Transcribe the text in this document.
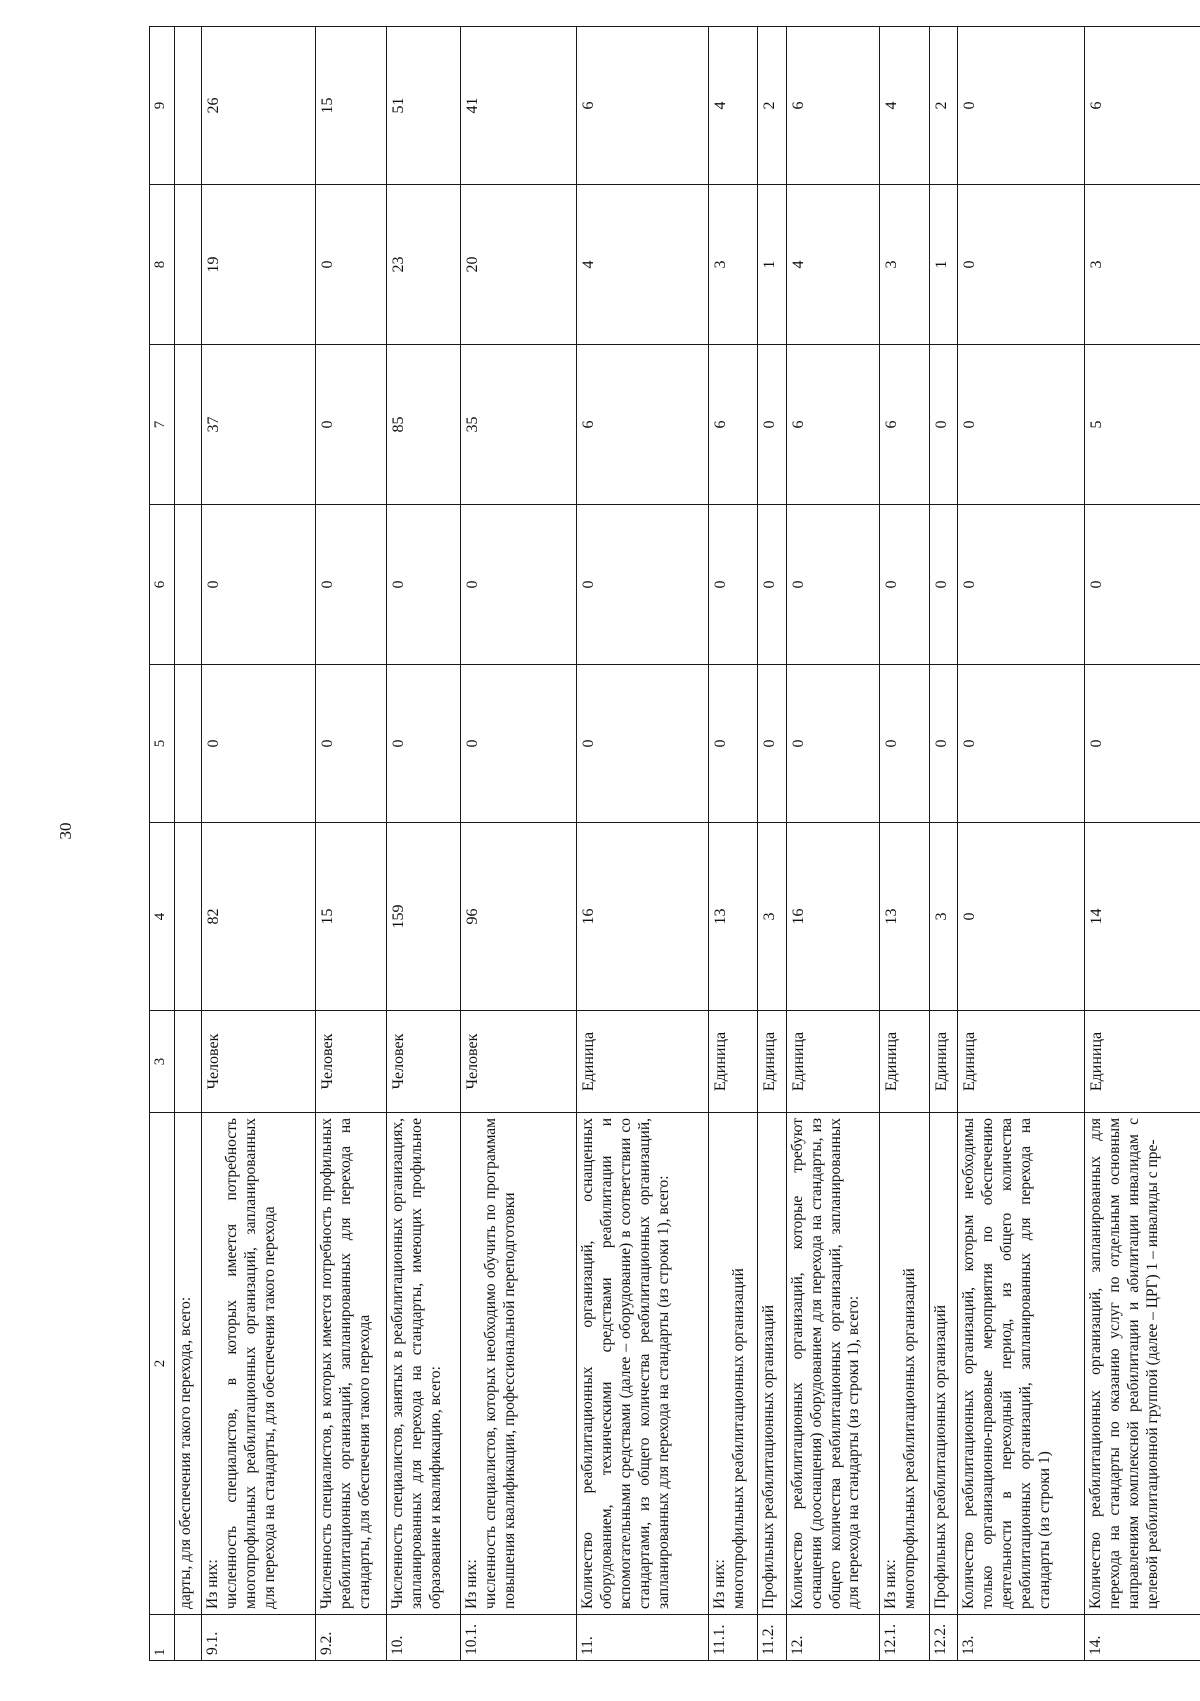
30
1	2	3	4	5	6	7	8	9
	дарты, для обеспечения такого перехода, всего:							
9.1.	Из них: численность специалистов, в которых имеется потребность многопрофильных реабилитационных организаций, запланированных для перехода на стандарты, для обеспечения такого перехода	Человек	82	0	0	37	19	26
9.2.	Численность специалистов, в которых имеется потребность профильных реабилитационных организаций, запланированных для перехода на стандарты, для обеспечения такого перехода	Человек	15	0	0	0	0	15
10.	Численность специалистов, занятых в реабилитационных организациях, запланированных для перехода на стандарты, имеющих профильное образование и квалификацию, всего:	Человек	159	0	0	85	23	51
10.1.	Из них: численность специалистов, которых необходимо обучить по программам повышения квалификации, профессиональной переподготовки	Человек	96	0	0	35	20	41
11.	Количество реабилитационных организаций, оснащенных оборудованием, техническими средствами реабилитации и вспомогательными средствами (далее – оборудование) в соответствии со стандартами, из общего количества реабилитационных организаций, запланированных для перехода на стандарты (из строки 1), всего:	Единица	16	0	0	6	4	6
11.1.	Из них: многопрофильных реабилитационных организаций	Единица	13	0	0	6	3	4
11.2.	Профильных реабилитационных организаций	Единица	3	0	0	0	1	2
12.	Количество реабилитационных организаций, которые требуют оснащения (дооснащения) оборудованием для перехода на стандарты, из общего количества реабилитационных организаций, запланированных для перехода на стандарты (из строки 1), всего:	Единица	16	0	0	6	4	6
12.1.	Из них: многопрофильных реабилитационных организаций	Единица	13	0	0	6	3	4
12.2.	Профильных реабилитационных организаций	Единица	3	0	0	0	1	2
13.	Количество реабилитационных организаций, которым необходимы только организационно-правовые мероприятия по обеспечению деятельности в переходный период, из общего количества реабилитационных организаций, запланированных для перехода на стандарты (из строки 1)	Единица	0	0	0	0	0	0
14.	Количество реабилитационных организаций, запланированных для перехода на стандарты по оказанию услуг по отдельным основным направлениям комплексной реабилитации и абилитации инвалидам с целевой реабилитационной группой (далее – ЦРГ) 1 – инвалиды с пре-	Единица	14	0	0	5	3	6
